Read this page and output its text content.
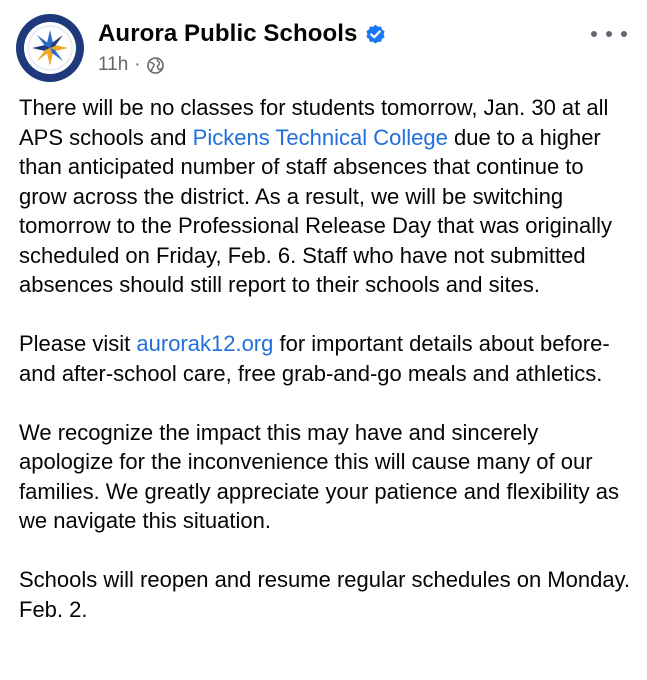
Aurora Public Schools
11h ·

There will be no classes for students tomorrow, Jan. 30 at all APS schools and Pickens Technical College due to a higher than anticipated number of staff absences that continue to grow across the district. As a result, we will be switching tomorrow to the Professional Release Day that was originally scheduled on Friday, Feb. 6. Staff who have not submitted absences should still report to their schools and sites.

Please visit aurorak12.org for important details about before- and after-school care, free grab-and-go meals and athletics.

We recognize the impact this may have and sincerely apologize for the inconvenience this will cause many of our families. We greatly appreciate your patience and flexibility as we navigate this situation.

Schools will reopen and resume regular schedules on Monday. Feb. 2.
